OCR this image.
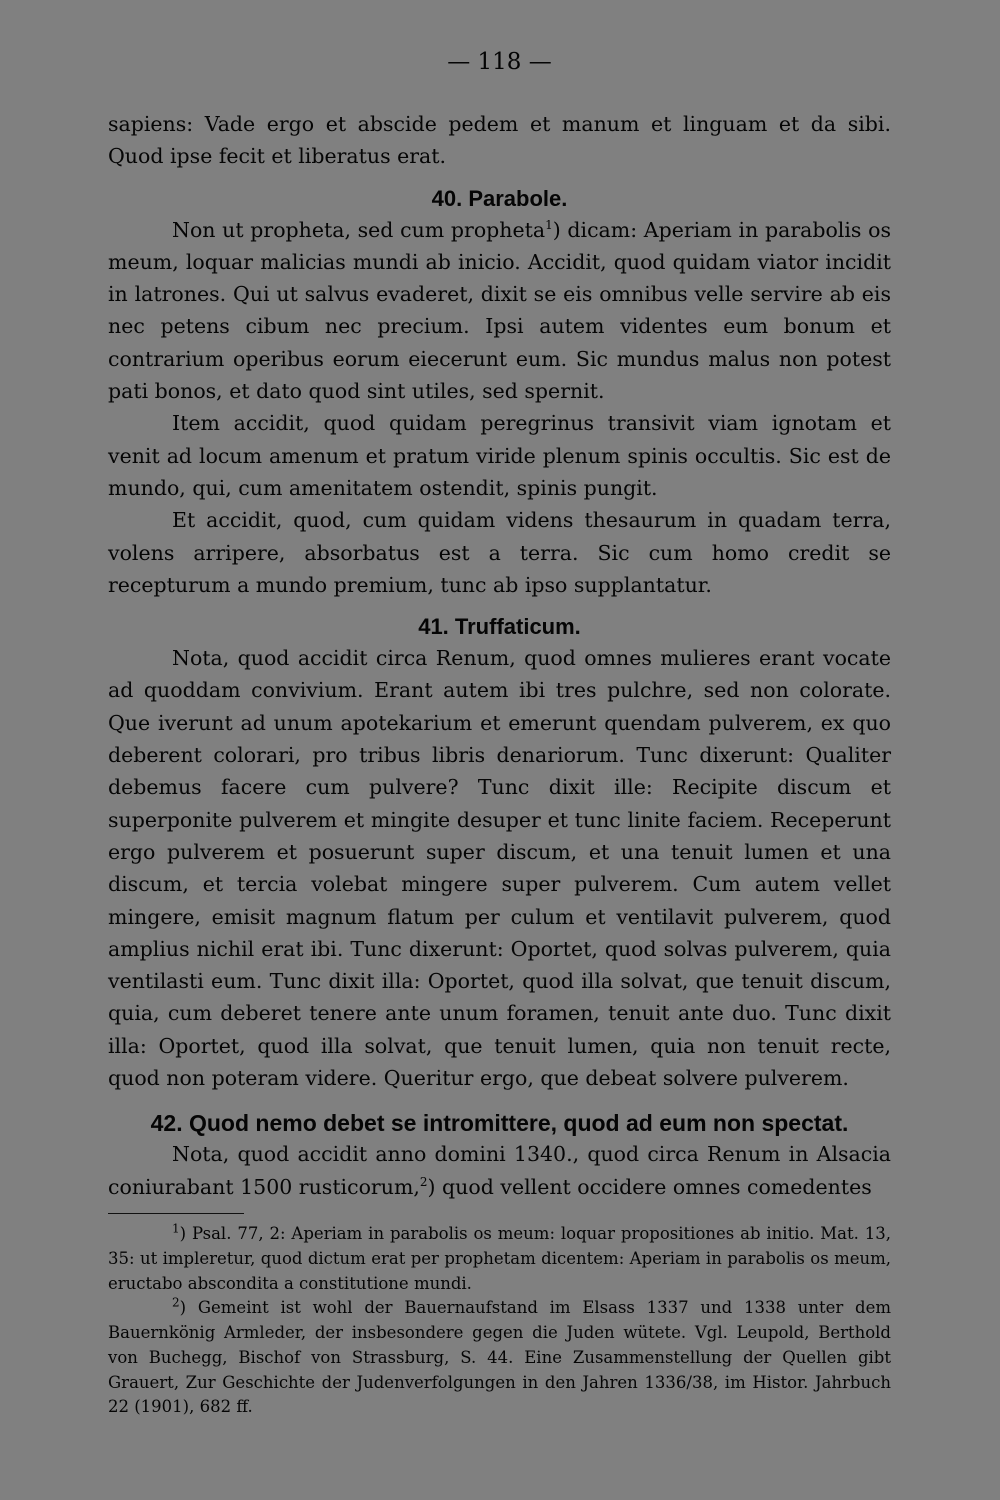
— 118 —

sapiens: Vade ergo et abscide pedem et manum et linguam et da sibi. Quod ipse fecit et liberatus erat.

40. Parabole.

Non ut propheta, sed cum propheta$^1$) dicam: Aperiam in parabolis os meum, loquar malicias mundi ab inicio. Accidit, quod quidam viator incidit in latrones. Qui ut salvus evaderet, dixit se eis omnibus velle servire ab eis nec petens cibum nec precium. Ipsi autem videntes eum bonum et contrarium operibus eorum eiecerunt eum. Sic mundus malus non potest pati bonos, et dato quod sint utiles, sed spernit.

Item accidit, quod quidam peregrinus transivit viam ignotam et venit ad locum amenum et pratum viride plenum spinis occultis. Sic est de mundo, qui, cum amenitatem ostendit, spinis pungit.

Et accidit, quod, cum quidam videns thesaurum in quadam terra, volens arripere, absorbatus est a terra. Sic cum homo credit se recepturum a mundo premium, tunc ab ipso supplantatur.

41. Truffaticum.

Nota, quod accidit circa Renum, quod omnes mulieres erant vocate ad quoddam convivium. Erant autem ibi tres pulchre, sed non colorate. Que iverunt ad unum apotekarium et emerunt quendam pulverem, ex quo deberent colorari, pro tribus libris denariorum. Tunc dixerunt: Qualiter debemus facere cum pulvere? Tunc dixit ille: Recipite discum et superponite pulverem et mingite desuper et tunc linite faciem. Receperunt ergo pulverem et posuerunt super discum, et una tenuit lumen et una discum, et tercia volebat mingere super pulverem. Cum autem vellet mingere, emisit magnum flatum per culum et ventilavit pulverem, quod amplius nichil erat ibi. Tunc dixerunt: Oportet, quod solvas pulverem, quia ventilasti eum. Tunc dixit illa: Oportet, quod illa solvat, que tenuit discum, quia, cum deberet tenere ante unum foramen, tenuit ante duo. Tunc dixit illa: Oportet, quod illa solvat, que tenuit lumen, quia non tenuit recte, quod non poteram videre. Queritur ergo, que debeat solvere pulverem.

42. Quod nemo debet se intromittere, quod ad eum non spectat.

Nota, quod accidit anno domini 1340., quod circa Renum in Alsacia coniurabant 1500 rusticorum,$^2$) quod vellent occidere omnes comedentes

$^1$) Psal. 77, 2: Aperiam in parabolis os meum: loquar propositiones ab initio. Mat. 13, 35: ut impleretur, quod dictum erat per prophetam dicentem: Aperiam in parabolis os meum, eructabo abscondita a constitutione mundi.

$^2$) Gemeint ist wohl der Bauernaufstand im Elsass 1337 und 1338 unter dem Bauernkönig Armleder, der insbesondere gegen die Juden wütete. Vgl. Leupold, Berthold von Buchegg, Bischof von Strassburg, S. 44. Eine Zusammenstellung der Quellen gibt Grauert, Zur Geschichte der Judenverfolgungen in den Jahren 1336/38, im Histor. Jahrbuch 22 (1901), 682 ff.
